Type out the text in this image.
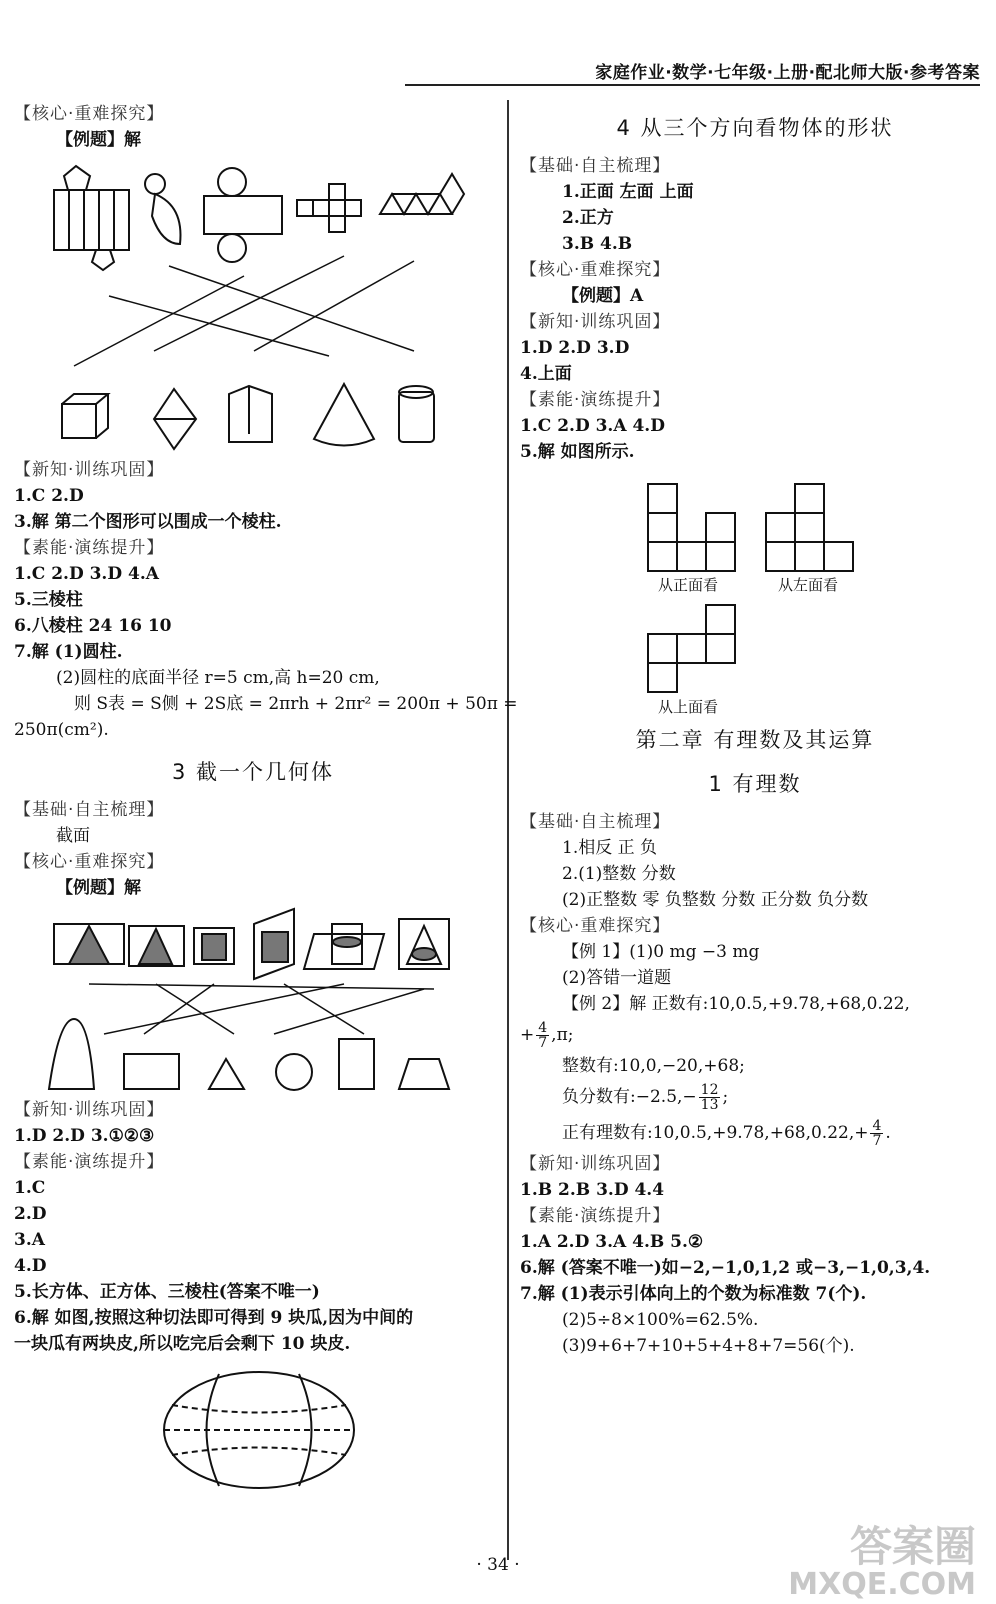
家庭作业·数学·七年级·上册·配北师大版·参考答案
【核心·重难探究】
【例题】解
【新知·训练巩固】
1.C 2.D
3.解 第二个图形可以围成一个棱柱.
【素能·演练提升】
1.C 2.D 3.D 4.A
5.三棱柱
6.八棱柱 24 16 10
7.解 (1)圆柱.
(2)圆柱的底面半径 r=5 cm,高 h=20 cm,
则 S表 = S侧 + 2S底 = 2πrh + 2πr² = 200π + 50π =
250π(cm²).
3 截一个几何体
【基础·自主梳理】
截面
【核心·重难探究】
【例题】解
【新知·训练巩固】
1.D 2.D 3.①②③
【素能·演练提升】
1.C
2.D
3.A
4.D
5.长方体、正方体、三棱柱(答案不唯一)
6.解 如图,按照这种切法即可得到 9 块瓜,因为中间的
一块瓜有两块皮,所以吃完后会剩下 10 块皮.
4 从三个方向看物体的形状
【基础·自主梳理】
1.正面 左面 上面
2.正方
3.B 4.B
【核心·重难探究】
【例题】A
【新知·训练巩固】
1.D 2.D 3.D
4.上面
【素能·演练提升】
1.C 2.D 3.A 4.D
5.解 如图所示.
从正面看	从左面看
从上面看
第二章 有理数及其运算
1 有理数
【基础·自主梳理】
1.相反 正 负
2.(1)整数 分数
(2)正整数 零 负整数 分数 正分数 负分数
【核心·重难探究】
【例 1】(1)0 mg −3 mg
(2)答错一道题
【例 2】解 正数有:10,0.5,+9.78,+68,0.22,
+ $\frac{4}{7} ,\pi$;
整数有:10,0,−20,+68;
负分数有:−2.5,− $\frac{12}{13}$ ;
正有理数有:10,0.5,+9.78,+68,0.22,+ $\frac{4}{7}$ .
【新知·训练巩固】
1.B 2.B 3.D 4.4
【素能·演练提升】
1.A 2.D 3.A 4.B 5.②
6.解 (答案不唯一)如−2,−1,0,1,2 或−3,−1,0,3,4.
7.解 (1)表示引体向上的个数为标准数 7(个).
(2)5÷8×100%=62.5%.
(3)9+6+7+10+5+4+8+7=56(个).
· 34 ·	答案圈
MXQE.COM
